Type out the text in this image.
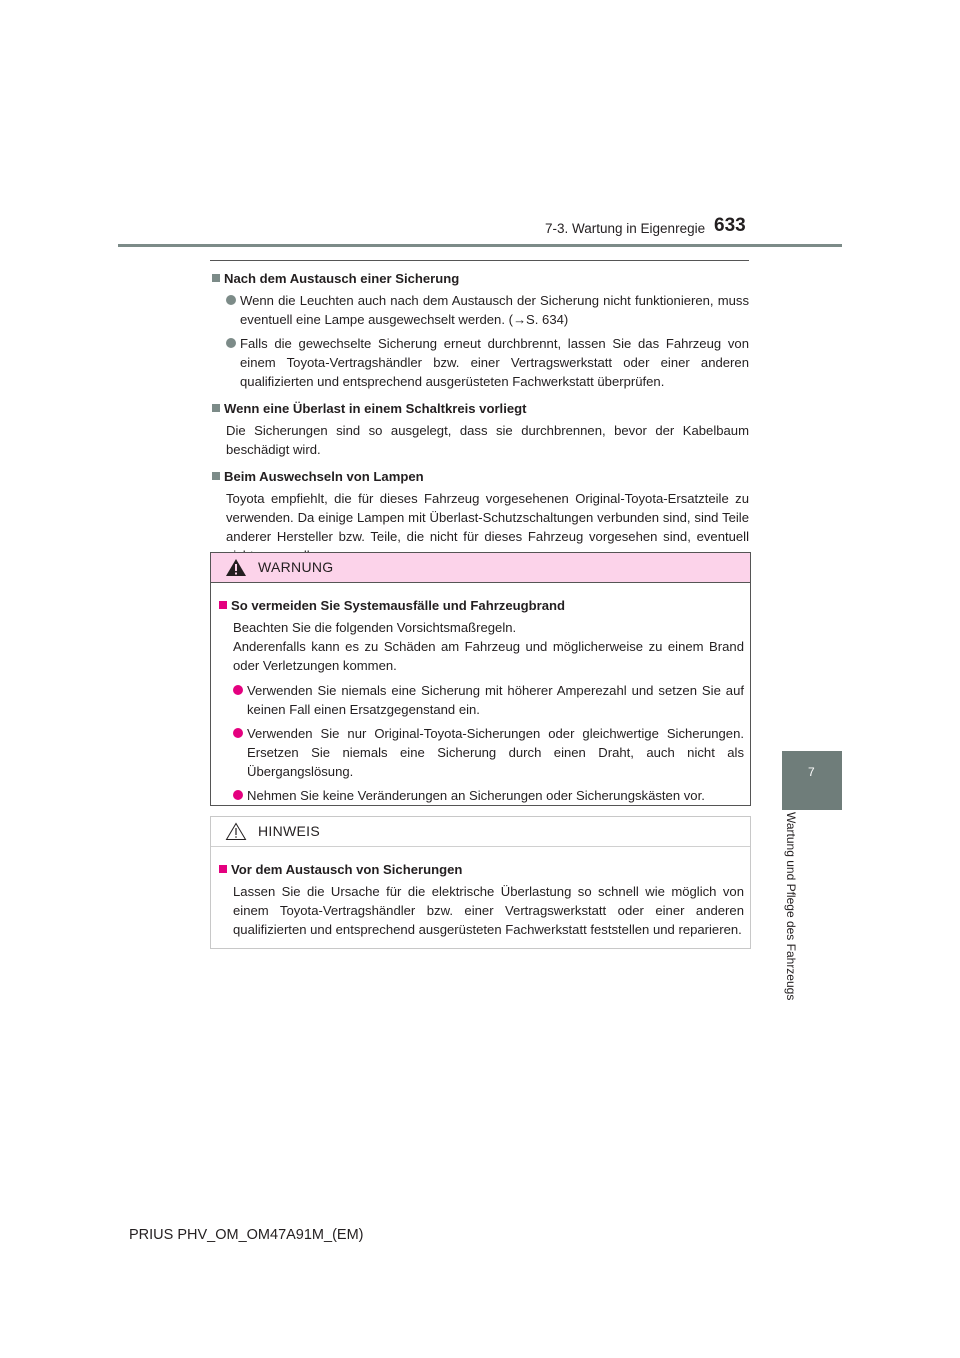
7-3. Wartung in Eigenregie 633
7
Wartung und Pflege des Fahrzeugs
Nach dem Austausch einer Sicherung
Wenn die Leuchten auch nach dem Austausch der Sicherung nicht funktionieren, muss eventuell eine Lampe ausgewechselt werden. (→S. 634)
Falls die gewechselte Sicherung erneut durchbrennt, lassen Sie das Fahrzeug von einem Toyota-Vertragshändler bzw. einer Vertragswerkstatt oder einer anderen qualifizierten und entsprechend ausgerüsteten Fachwerkstatt überprüfen.
Wenn eine Überlast in einem Schaltkreis vorliegt
Die Sicherungen sind so ausgelegt, dass sie durchbrennen, bevor der Kabelbaum beschädigt wird.
Beim Auswechseln von Lampen
Toyota empfiehlt, die für dieses Fahrzeug vorgesehenen Original-Toyota-Ersatzteile zu verwenden. Da einige Lampen mit Überlast-Schutzschaltungen verbunden sind, sind Teile anderer Hersteller bzw. Teile, die nicht für dieses Fahrzeug vorgesehen sind, eventuell
WARNUNG
So vermeiden Sie Systemausfälle und Fahrzeugbrand
Beachten Sie die folgenden Vorsichtsmaßregeln.
Anderenfalls kann es zu Schäden am Fahrzeug und möglicherweise zu einem Brand oder Verletzungen kommen.
Verwenden Sie niemals eine Sicherung mit höherer Amperezahl und setzen Sie auf keinen Fall einen Ersatzgegenstand ein.
Verwenden Sie nur Original-Toyota-Sicherungen oder gleichwertige Sicherungen. Ersetzen Sie niemals eine Sicherung durch einen Draht, auch nicht als Übergangslösung.
Nehmen Sie keine Veränderungen an Sicherungen oder Sicherungskästen vor.
HINWEIS
Vor dem Austausch von Sicherungen
Lassen Sie die Ursache für die elektrische Überlastung so schnell wie möglich von einem Toyota-Vertragshändler bzw. einer Vertragswerkstatt oder einer anderen qualifizierten und entsprechend ausgerüsteten Fachwerkstatt feststellen und reparieren.
PRIUS PHV_OM_OM47A91M_(EM)
